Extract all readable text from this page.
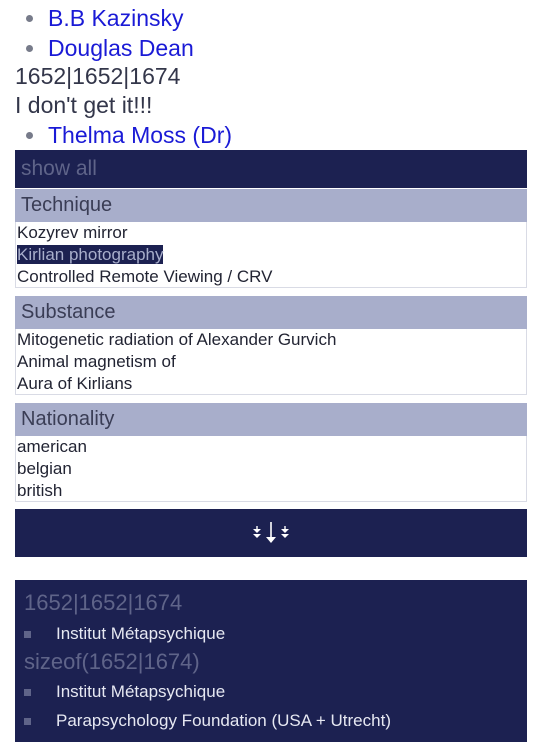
B.B Kazinsky
Douglas Dean
1652|1652|1674
I don't get it!!!
Thelma Moss (Dr)
show all
Technique
Kozyrev mirror
Kirlian photography
Controlled Remote Viewing / CRV
Substance
Mitogenetic radiation of Alexander Gurvich
Animal magnetism of
Aura of Kirlians
Nationality
american
belgian
british
1652|1652|1674
Institut Métapsychique
sizeof(1652|1674)
Institut Métapsychique
Parapsychology Foundation (USA + Utrecht)
